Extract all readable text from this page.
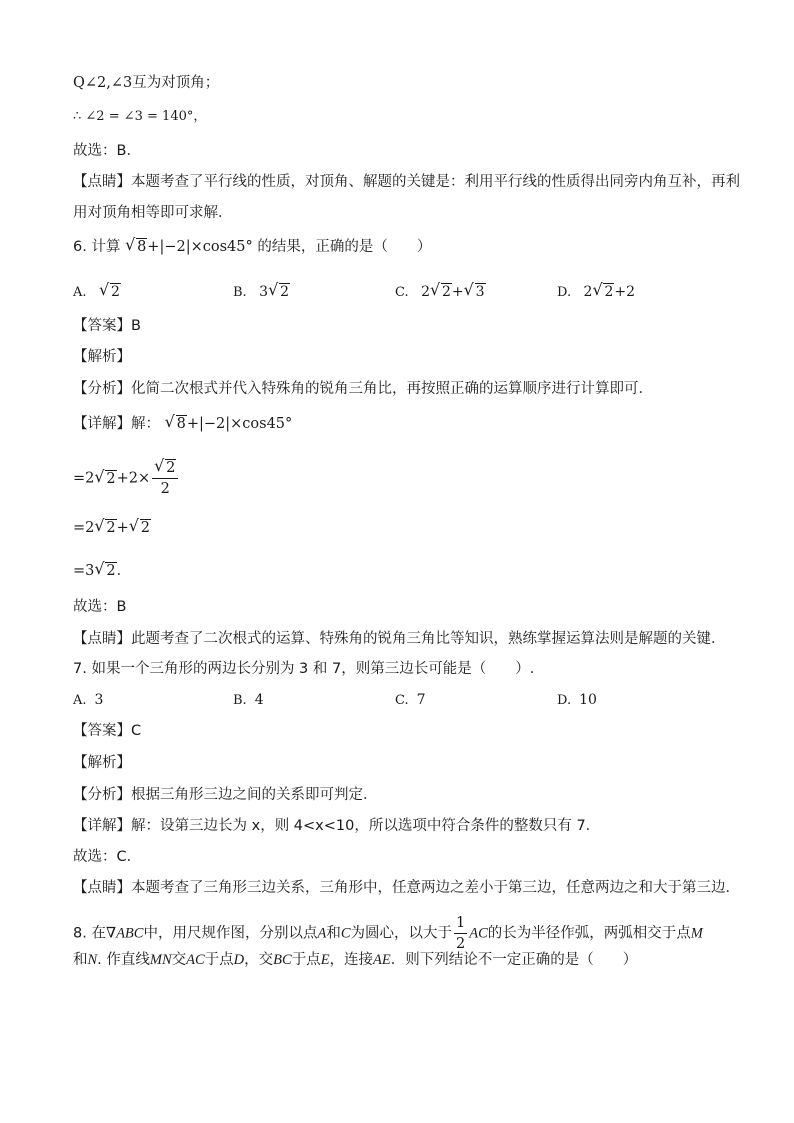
Q∠2,∠3互为对顶角；
∴ ∠2 = ∠3 = 140°，
故选：B．
【点睛】本题考查了平行线的性质，对顶角、解题的关键是：利用平行线的性质得出同旁内角互补，再利
用对顶角相等即可求解．
6. 计算 √ 8+|−2|×cos45° 的结果，正确的是（　　）
A. √ 2	B. 3 √ 2	C. 2 √ 2+ √ 3	D. 2 √ 2+2
【答案】B
【解析】
【分析】化简二次根式并代入特殊角的锐角三角比，再按照正确的运算顺序进行计算即可．
【详解】解： √ 8+|−2|×cos45°
=2 √ $2+2\times \frac{√ 2}{2}$
=2 √ 2+ √ 2
=3 √ 2．
故选：B
【点睛】此题考查了二次根式的运算、特殊角的锐角三角比等知识，熟练掌握运算法则是解题的关键．
7. 如果一个三角形的两边长分别为 3 和 7，则第三边长可能是（　　）.
A. 3	B. 4	C. 7	D. 10
【答案】C
【解析】
【分析】根据三角形三边之间的关系即可判定．
【详解】解：设第三边长为 x，则 4<x<10，所以选项中符合条件的整数只有 7．
故选：C．
【点睛】本题考查了三角形三边关系，三角形中，任意两边之差小于第三边，任意两边之和大于第三边．
8. 在∇ABC中，用尺规作图，分别以点A和C为圆心，以大于 $\frac{1}{2}$ AC的长为半径作弧，两弧相交于点M
和N. 作直线MN交AC于点D，交BC于点E，连接AE．则下列结论不一定正确的是（　　）
